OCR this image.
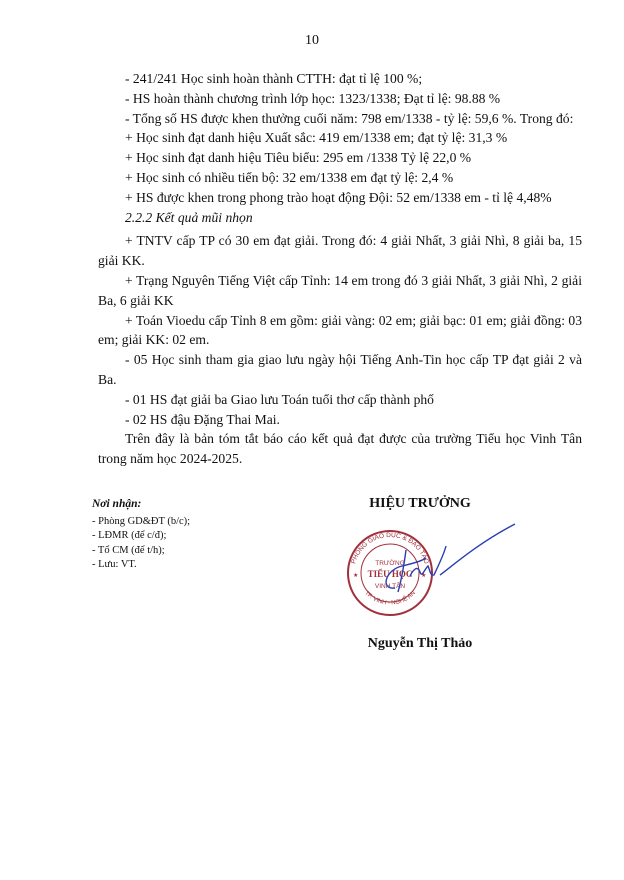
10

- 241/241 Học sinh hoàn thành CTTH: đạt tỉ lệ 100 %;

- HS hoàn thành chương trình lớp học: 1323/1338; Đạt tỉ lệ: 98.88 %

- Tổng số HS được khen thưởng cuối năm: 798 em/1338 - tỷ lệ: 59,6 %. Trong đó:

+ Học sinh đạt danh hiệu Xuất sắc: 419 em/1338 em; đạt tỷ lệ: 31,3 %

+ Học sinh đạt danh hiệu Tiêu biểu: 295 em /1338 Tỷ lệ 22,0 %

+ Học sinh có nhiều tiến bộ: 32 em/1338 em đạt tỷ lệ: 2,4 %

+ HS được khen trong phong trào hoạt động Đội: 52 em/1338 em - tỉ lệ 4,48%

2.2.2 Kết quả mũi nhọn

+ TNTV cấp TP có 30 em đạt giải. Trong đó: 4 giải Nhất, 3 giải Nhì, 8 giải ba, 15 giải KK.

+ Trạng Nguyên Tiếng Việt cấp Tỉnh: 14 em trong đó 3 giải Nhất, 3 giải Nhì, 2 giải Ba, 6 giải KK

+ Toán Vioedu cấp Tỉnh 8 em gồm: giải vàng: 02 em; giải bạc: 01 em; giải đồng: 03 em; giải KK: 02 em.

- 05 Học sinh tham gia giao lưu ngày hội Tiếng Anh-Tin học cấp TP đạt giải 2 và Ba.

- 01 HS đạt giải ba Giao lưu Toán tuổi thơ cấp thành phố

- 02 HS đậu Đặng Thai Mai.

Trên đây là bản tóm tắt báo cáo kết quả đạt được của trường Tiểu học Vinh Tân trong năm học 2024-2025.

Nơi nhận:
- Phòng GD&ĐT (b/c);
- LĐMR (để c/đ);
- Tổ CM (để t/h);
- Lưu: VT.
HIỆU TRƯỞNG
PHÒNG GIÁO DỤC & ĐÀO TẠO
TRƯỜNG
TIỂU HỌC
VINH TÂN
TP. VINH - NGHỆ AN
★	★
Nguyễn Thị Thảo
